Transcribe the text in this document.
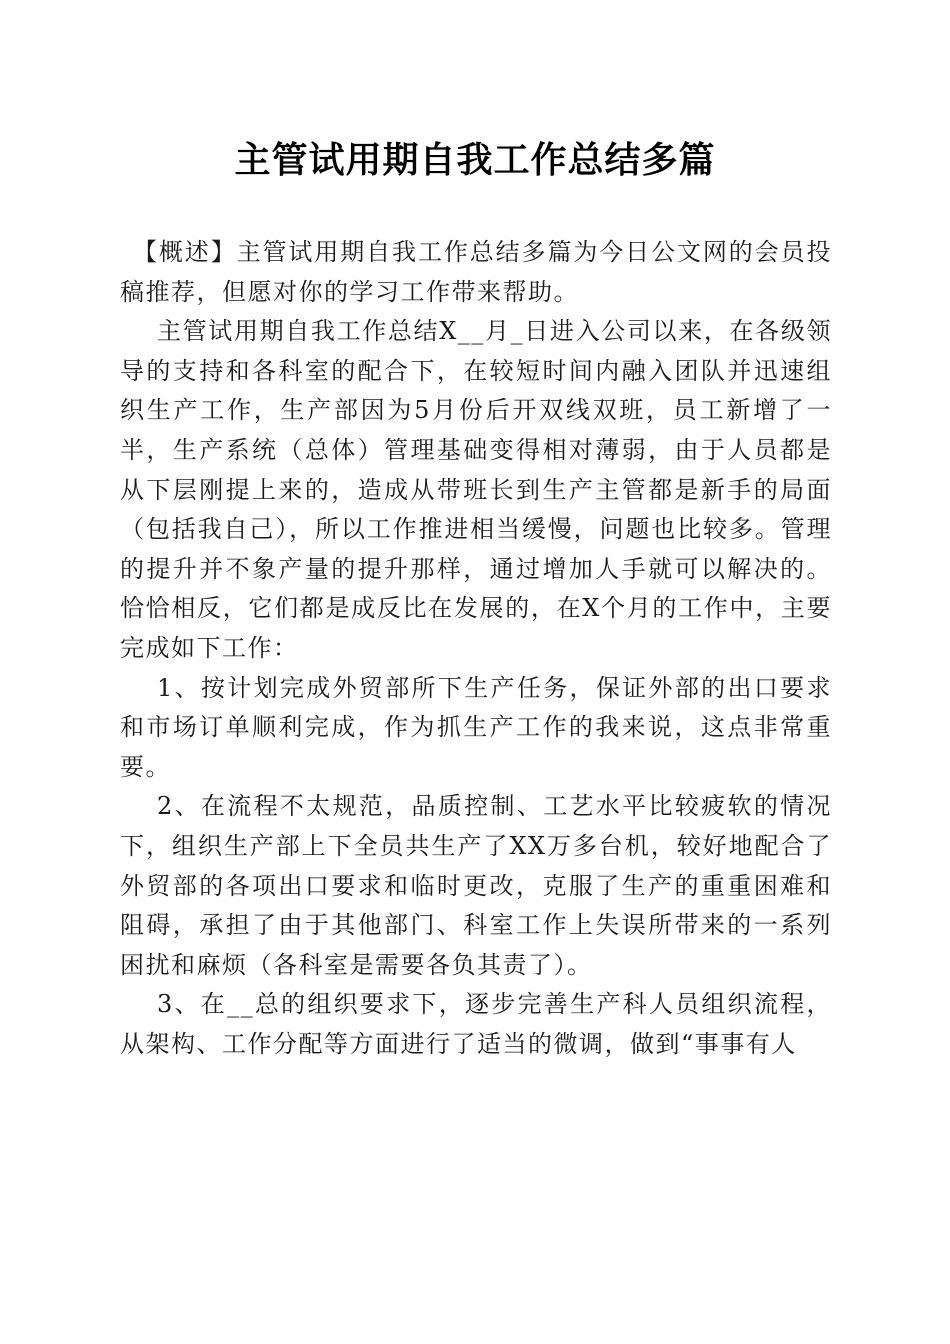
主管试用期自我工作总结多篇

【概述】主管试用期自我工作总结多篇为今日公文网的会员投稿推荐，但愿对你的学习工作带来帮助。

主管试用期自我工作总结X__月_日进入公司以来，在各级领导的支持和各科室的配合下，在较短时间内融入团队并迅速组织生产工作，生产部因为5月份后开双线双班，员工新增了一半，生产系统（总体）管理基础变得相对薄弱，由于人员都是从下层刚提上来的，造成从带班长到生产主管都是新手的局面（包括我自己），所以工作推进相当缓慢，问题也比较多。管理的提升并不象产量的提升那样，通过增加人手就可以解决的。恰恰相反，它们都是成反比在发展的，在X个月的工作中，主要完成如下工作：

1、按计划完成外贸部所下生产任务，保证外部的出口要求和市场订单顺利完成，作为抓生产工作的我来说，这点非常重要。

2、在流程不太规范，品质控制、工艺水平比较疲软的情况下，组织生产部上下全员共生产了XX万多台机，较好地配合了外贸部的各项出口要求和临时更改，克服了生产的重重困难和阻碍，承担了由于其他部门、科室工作上失误所带来的一系列困扰和麻烦（各科室是需要各负其责了）。

3、在__总的组织要求下，逐步完善生产科人员组织流程，从架构、工作分配等方面进行了适当的微调，做到“事事有人
